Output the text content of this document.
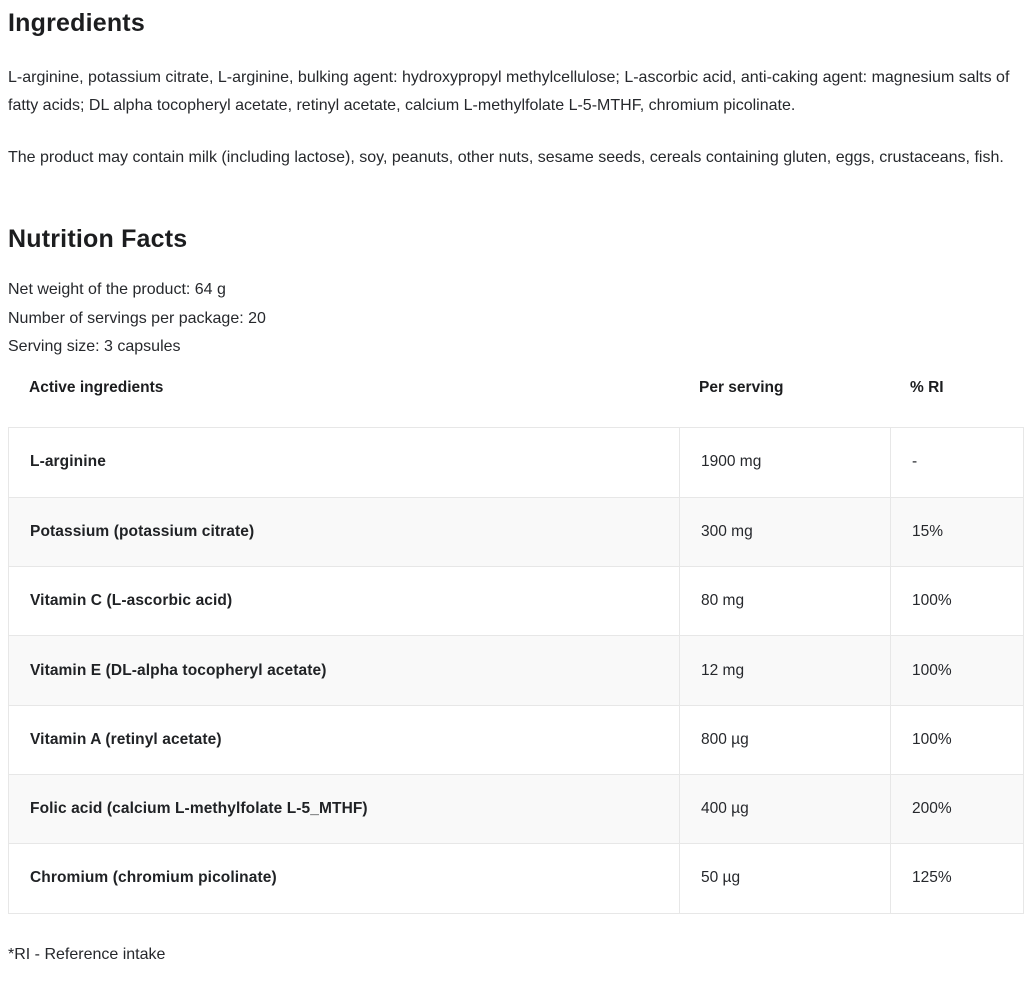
Ingredients

L-arginine, potassium citrate, L-arginine, bulking agent: hydroxypropyl methylcellulose; L-ascorbic acid, anti-caking agent: magnesium salts of fatty acids; DL alpha tocopheryl acetate, retinyl acetate, calcium L-methylfolate L-5-MTHF, chromium picolinate.

The product may contain milk (including lactose), soy, peanuts, other nuts, sesame seeds, cereals containing gluten, eggs, crustaceans, fish.

Nutrition Facts
Net weight of the product: 64 g
Number of servings per package: 20
Serving size: 3 capsules
Active ingredients	Per serving	% RI
L-arginine	1900 mg	-
Potassium (potassium citrate)	300 mg	15%
Vitamin C (L-ascorbic acid)	80 mg	100%
Vitamin E (DL-alpha tocopheryl acetate)	12 mg	100%
Vitamin A (retinyl acetate)	800 µg	100%
Folic acid (calcium L-methylfolate L-5_MTHF)	400 µg	200%
Chromium (chromium picolinate)	50 µg	125%
*RI - Reference intake
